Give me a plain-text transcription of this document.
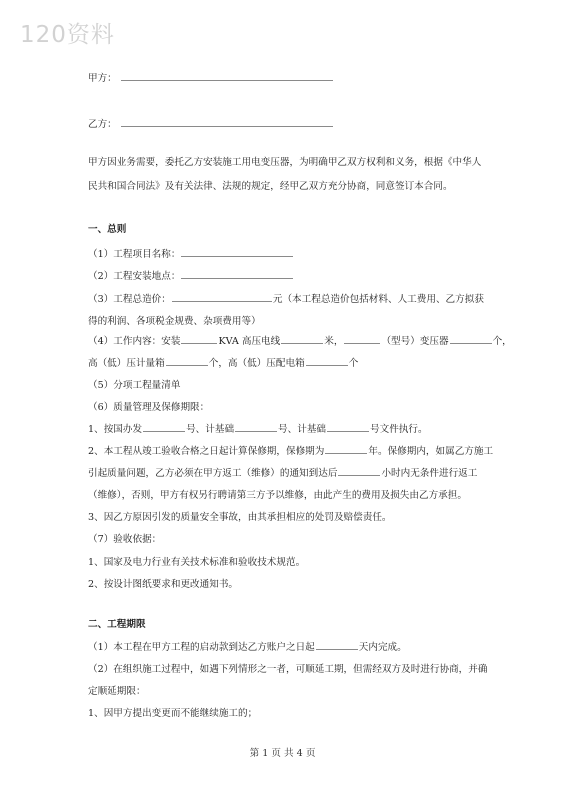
120资料
甲方：
乙方：
甲方因业务需要，委托乙方安装施工用电变压器，为明确甲乙双方权利和义务，根据《中华人
民共和国合同法》及有关法律、法规的规定，经甲乙双方充分协商，同意签订本合同。
一、总则
（1）工程项目名称：
（2）工程安装地点：
（3）工程总造价：	元（本工程总造价包括材料、人工费用、乙方拟获
得的利润、各项税金规费、杂项费用等）
（4）工作内容：安装	KVA 高压电线	米，	（型号）变压器	个，
高（低）压计量箱	个，高（低）压配电箱	个
（5）分项工程量清单
（6）质量管理及保修期限：
1、按国办发	号、计基础	号、计基础	号文件执行。
2、本工程从竣工验收合格之日起计算保修期，保修期为	年。保修期内，如属乙方施工
引起质量问题，乙方必须在甲方返工（维修）的通知到达后	小时内无条件进行返工
（维修），否则，甲方有权另行聘请第三方予以维修，由此产生的费用及损失由乙方承担。
3、因乙方原因引发的质量安全事故，由其承担相应的处罚及赔偿责任。
（7）验收依据：
1、国家及电力行业有关技术标准和验收技术规范。
2、按设计图纸要求和更改通知书。
二、工程期限
（1）本工程在甲方工程的启动款到达乙方账户之日起	天内完成。
（2）在组织施工过程中，如遇下列情形之一者，可顺延工期，但需经双方及时进行协商，并确
定顺延期限：
1、因甲方提出变更而不能继续施工的；
第 1 页 共 4 页
